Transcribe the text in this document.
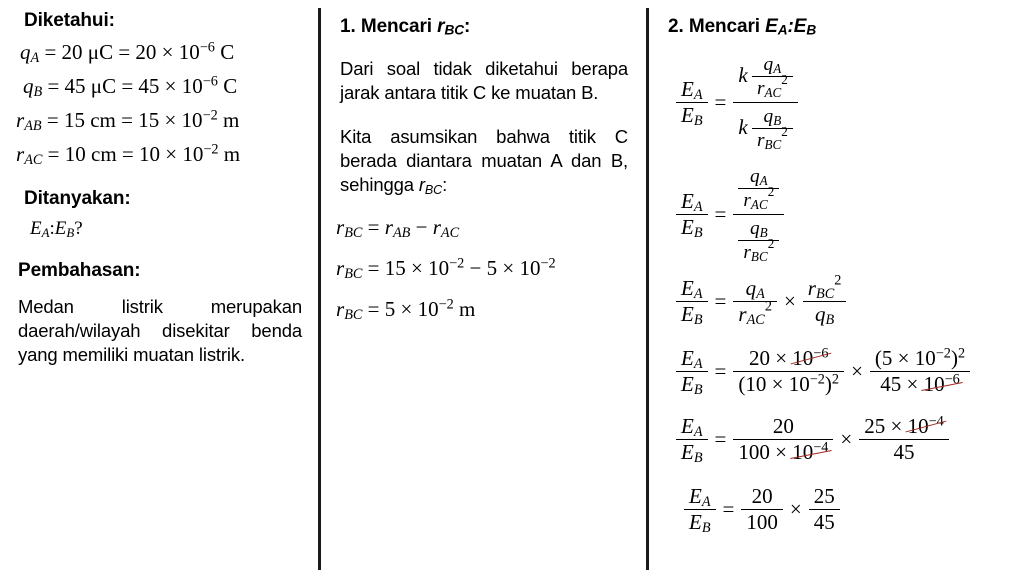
Diketahui:
$q_A = 20$ $\mu C = 20 \times 10^{-6}$ C
$q_B = 45$ $\mu C = 45 \times 10^{-6}$ C
$r_{AB} = 15$ cm = $15 \times 10^{-2}$ m
$r_{AC} = 10$ cm = $10 \times 10^{-2}$ m
Ditanyakan:
$E_A:E_B$?
Pembahasan:
Medan listrik merupakan daerah/wilayah disekitar benda yang memiliki muatan listrik.
1. Mencari $r_{BC}$:
Dari soal tidak diketahui berapa jarak antara titik C ke muatan B.
Kita asumsikan bahwa titik C berada diantara muatan A dan B, sehingga $r_{BC}$:
$r_{BC} = r_{AB} - r_{AC}$
$r_{BC} = 15 \times 10^{-2} - 5 \times 10^{-2}$
$r_{BC} = 5 \times 10^{-2}$ m
2. Mencari $E_A:E_B$
$\frac{E_A}{E_B} = \frac{k \frac{q_A}{r_{AC}^2}}{k \frac{q_B}{r_{BC}^2}}$
$\frac{E_A}{E_B} = \frac{\frac{q_A}{r_{AC}^2}}{\frac{q_B}{r_{BC}^2}}$
$\frac{E_A}{E_B} = \frac{q_A}{r_{AC}^2} \times \frac{r_{BC}^2}{q_B}$
$\frac{E_A}{E_B} = \frac{20 \times 10^{-6}}{(10 \times 10^{-2})^2} \times \frac{(5 \times 10^{-2})^2}{45 \times 10^{-6}}$
$\frac{E_A}{E_B} = \frac{20}{100 \times 10^{-4}} \times \frac{25 \times 10^{-4}}{45}$
$\frac{E_A}{E_B} = \frac{20}{100} \times \frac{25}{45}$
